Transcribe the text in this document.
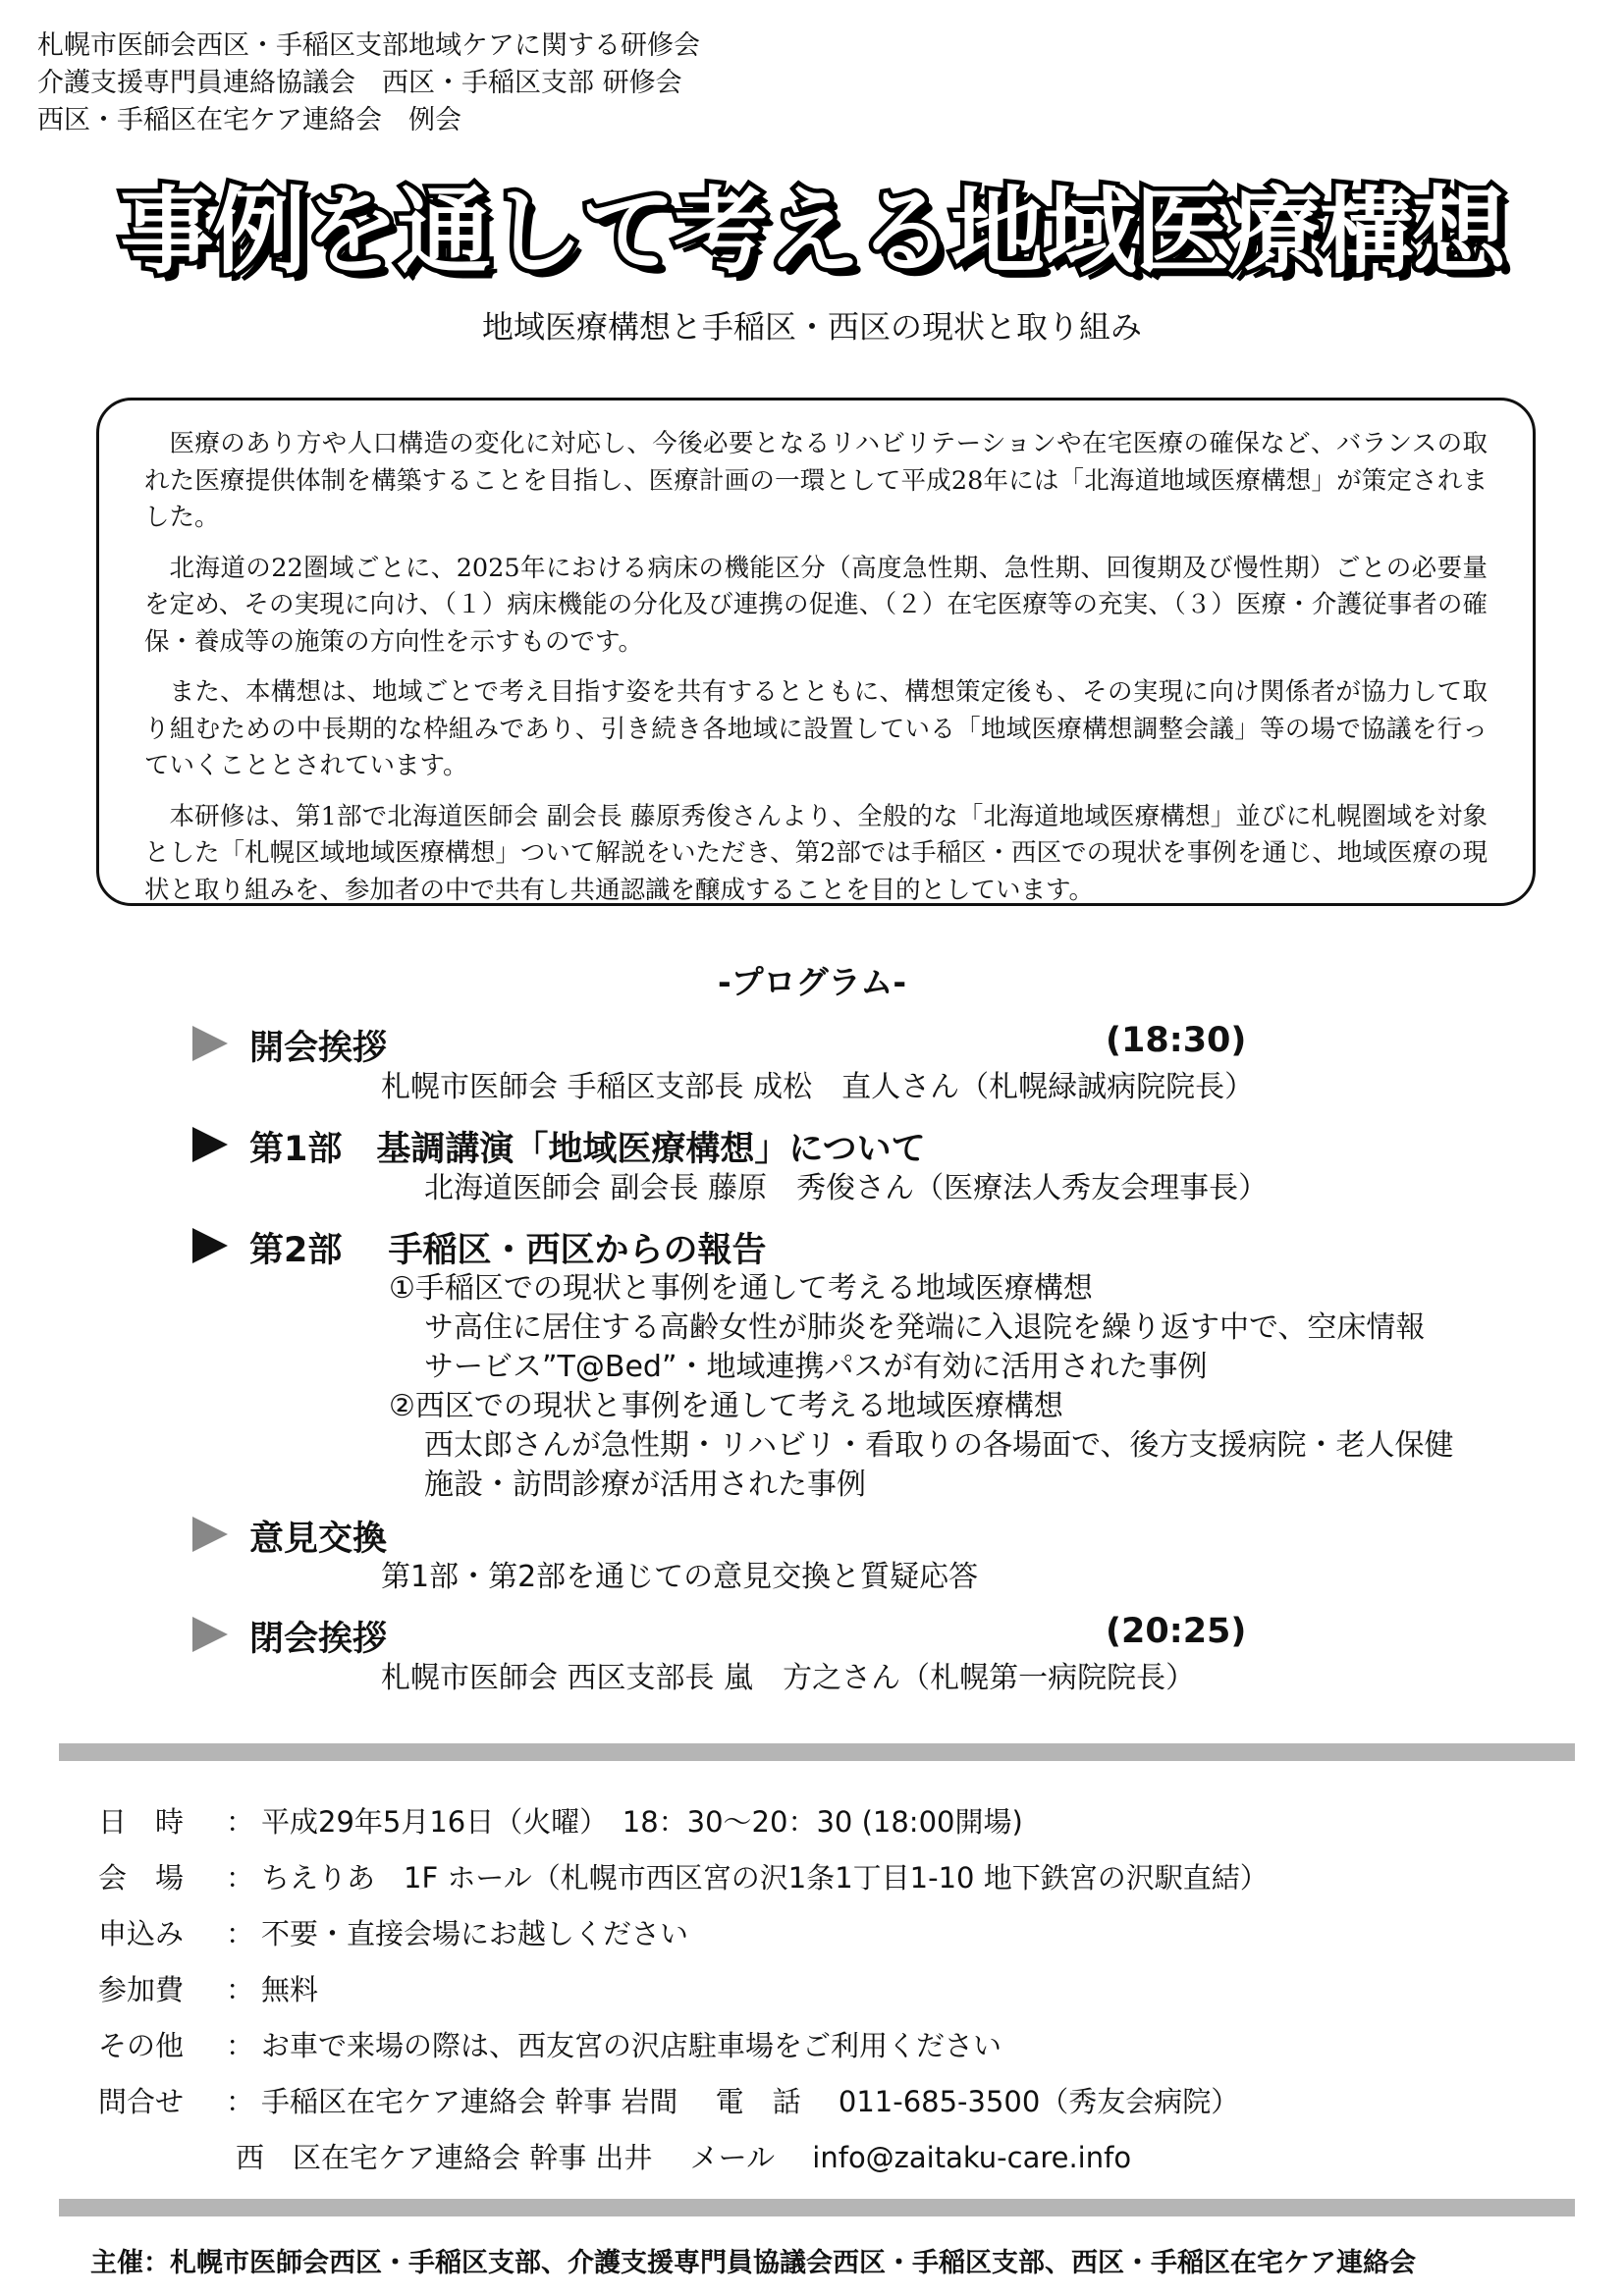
札幌市医師会西区・手稲区支部地域ケアに関する研修会
介護支援専門員連絡協議会　西区・手稲区支部 研修会
西区・手稲区在宅ケア連絡会　例会
事例を通して考える地域医療構想
地域医療構想と手稲区・西区の現状と取り組み

医療のあり方や人口構造の変化に対応し、今後必要となるリハビリテーションや在宅医療の確保など、バランスの取れた医療提供体制を構築することを目指し、医療計画の一環として平成28年には「北海道地域医療構想」が策定されました。

北海道の22圏域ごとに、2025年における病床の機能区分（高度急性期、急性期、回復期及び慢性期）ごとの必要量を定め、その実現に向け、（１）病床機能の分化及び連携の促進、（２）在宅医療等の充実、（３）医療・介護従事者の確保・養成等の施策の方向性を示すものです。

また、本構想は、地域ごとで考え目指す姿を共有するとともに、構想策定後も、その実現に向け関係者が協力して取り組むための中長期的な枠組みであり、引き続き各地域に設置している「地域医療構想調整会議」等の場で協議を行っていくこととされています。

本研修は、第1部で北海道医師会 副会長 藤原秀俊さんより、全般的な「北海道地域医療構想」並びに札幌圏域を対象とした「札幌区域地域医療構想」ついて解説をいただき、第2部では手稲区・西区での現状を事例を通じ、地域医療の現状と取り組みを、参加者の中で共有し共通認識を醸成することを目的としています。

-プログラム-
開会挨拶	(18:30)
札幌市医師会 手稲区支部長 成松　直人さん（札幌緑誠病院院長）
第1部　基調講演「地域医療構想」について
北海道医師会 副会長 藤原　秀俊さん（医療法人秀友会理事長）
第2部　 手稲区・西区からの報告
①手稲区での現状と事例を通して考える地域医療構想
サ高住に居住する高齢女性が肺炎を発端に入退院を繰り返す中で、空床情報
サービス”T@Bed”・地域連携パスが有効に活用された事例
②西区での現状と事例を通して考える地域医療構想
西太郎さんが急性期・リハビリ・看取りの各場面で、後方支援病院・老人保健
施設・訪問診療が活用された事例
意見交換
第1部・第2部を通じての意見交換と質疑応答
閉会挨拶	(20:25)
札幌市医師会 西区支部長 嵐　方之さん（札幌第一病院院長）
日　時 ： 平成29年5月16日（火曜）　18：30～20：30 (18:00開場)
会　場 ： ちえりあ　1F ホール（札幌市西区宮の沢1条1丁目1-10 地下鉄宮の沢駅直結）
申込み ： 不要・直接会場にお越しください
参加費 ： 無料
その他 ： お車で来場の際は、西友宮の沢店駐車場をご利用ください
問合せ ： 手稲区在宅ケア連絡会 幹事 岩間　 電　話　 011-685-3500（秀友会病院）
西　区在宅ケア連絡会 幹事 出井　 メール　 info@zaitaku-care.info
主催：札幌市医師会西区・手稲区支部、介護支援専門員協議会西区・手稲区支部、西区・手稲区在宅ケア連絡会
